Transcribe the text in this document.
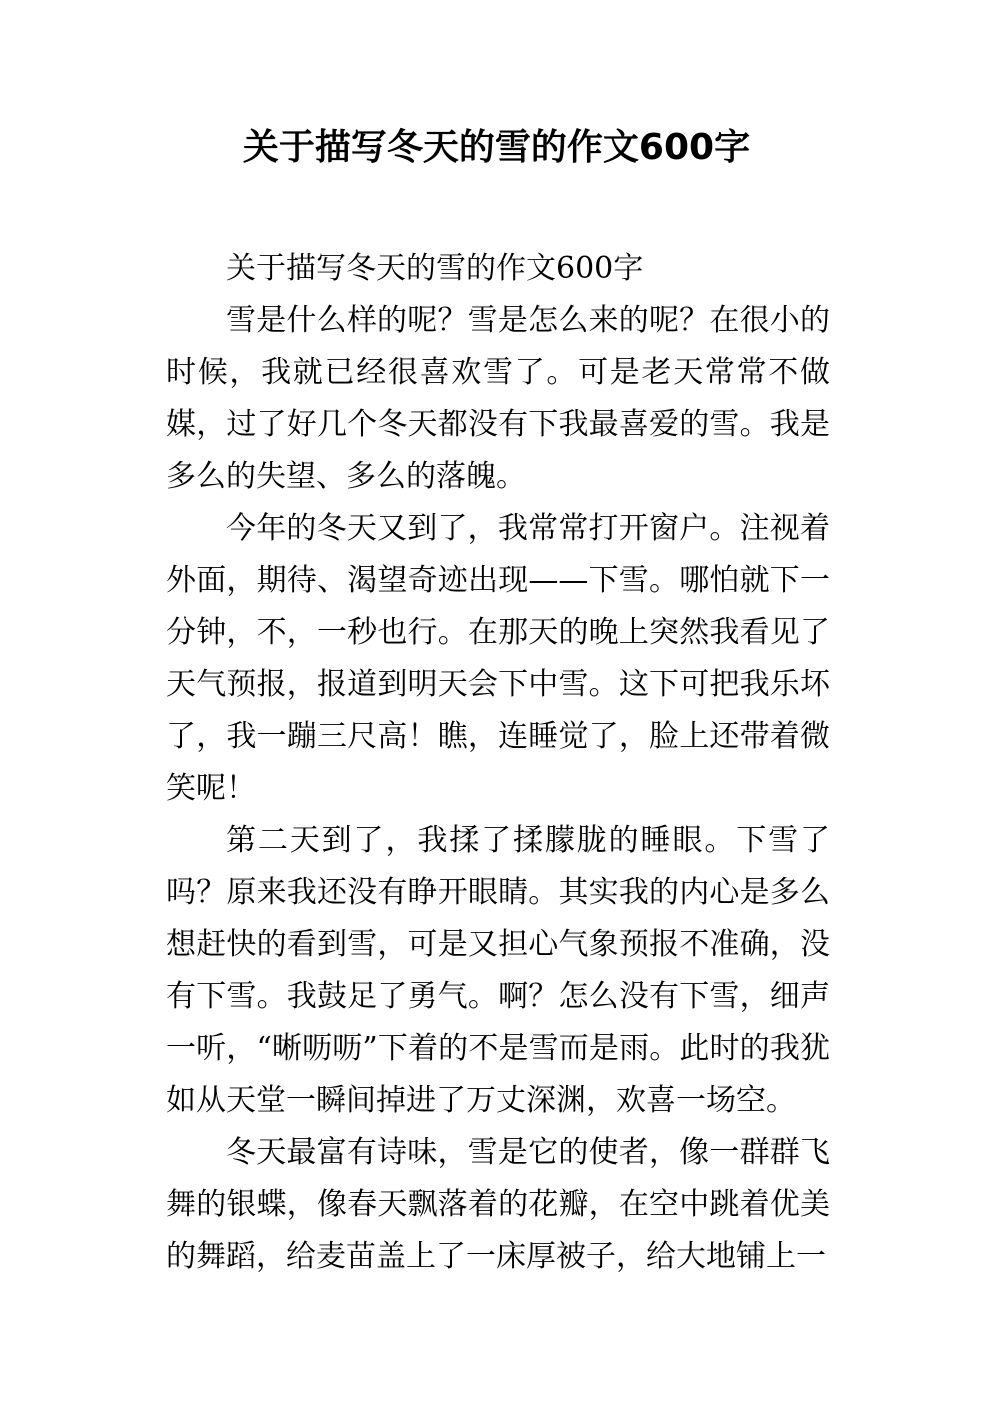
关于描写冬天的雪的作文600字

关于描写冬天的雪的作文600字

雪是什么样的呢？雪是怎么来的呢？在很小的时候，我就已经很喜欢雪了。可是老天常常不做媒，过了好几个冬天都没有下我最喜爱的雪。我是多么的失望、多么的落魄。

今年的冬天又到了，我常常打开窗户。注视着外面，期待、渴望奇迹出现——下雪。哪怕就下一分钟，不，一秒也行。在那天的晚上突然我看见了天气预报，报道到明天会下中雪。这下可把我乐坏了，我一蹦三尺高！瞧，连睡觉了，脸上还带着微笑呢！

第二天到了，我揉了揉朦胧的睡眼。下雪了吗？原来我还没有睁开眼睛。其实我的内心是多么想赶快的看到雪，可是又担心气象预报不准确，没有下雪。我鼓足了勇气。啊？怎么没有下雪，细声一听，“晰呖呖”下着的不是雪而是雨。此时的我犹如从天堂一瞬间掉进了万丈深渊，欢喜一场空。

冬天最富有诗味，雪是它的使者，像一群群飞舞的银蝶，像春天飘落着的花瓣，在空中跳着优美的舞蹈，给麦苗盖上了一床厚被子，给大地铺上一
